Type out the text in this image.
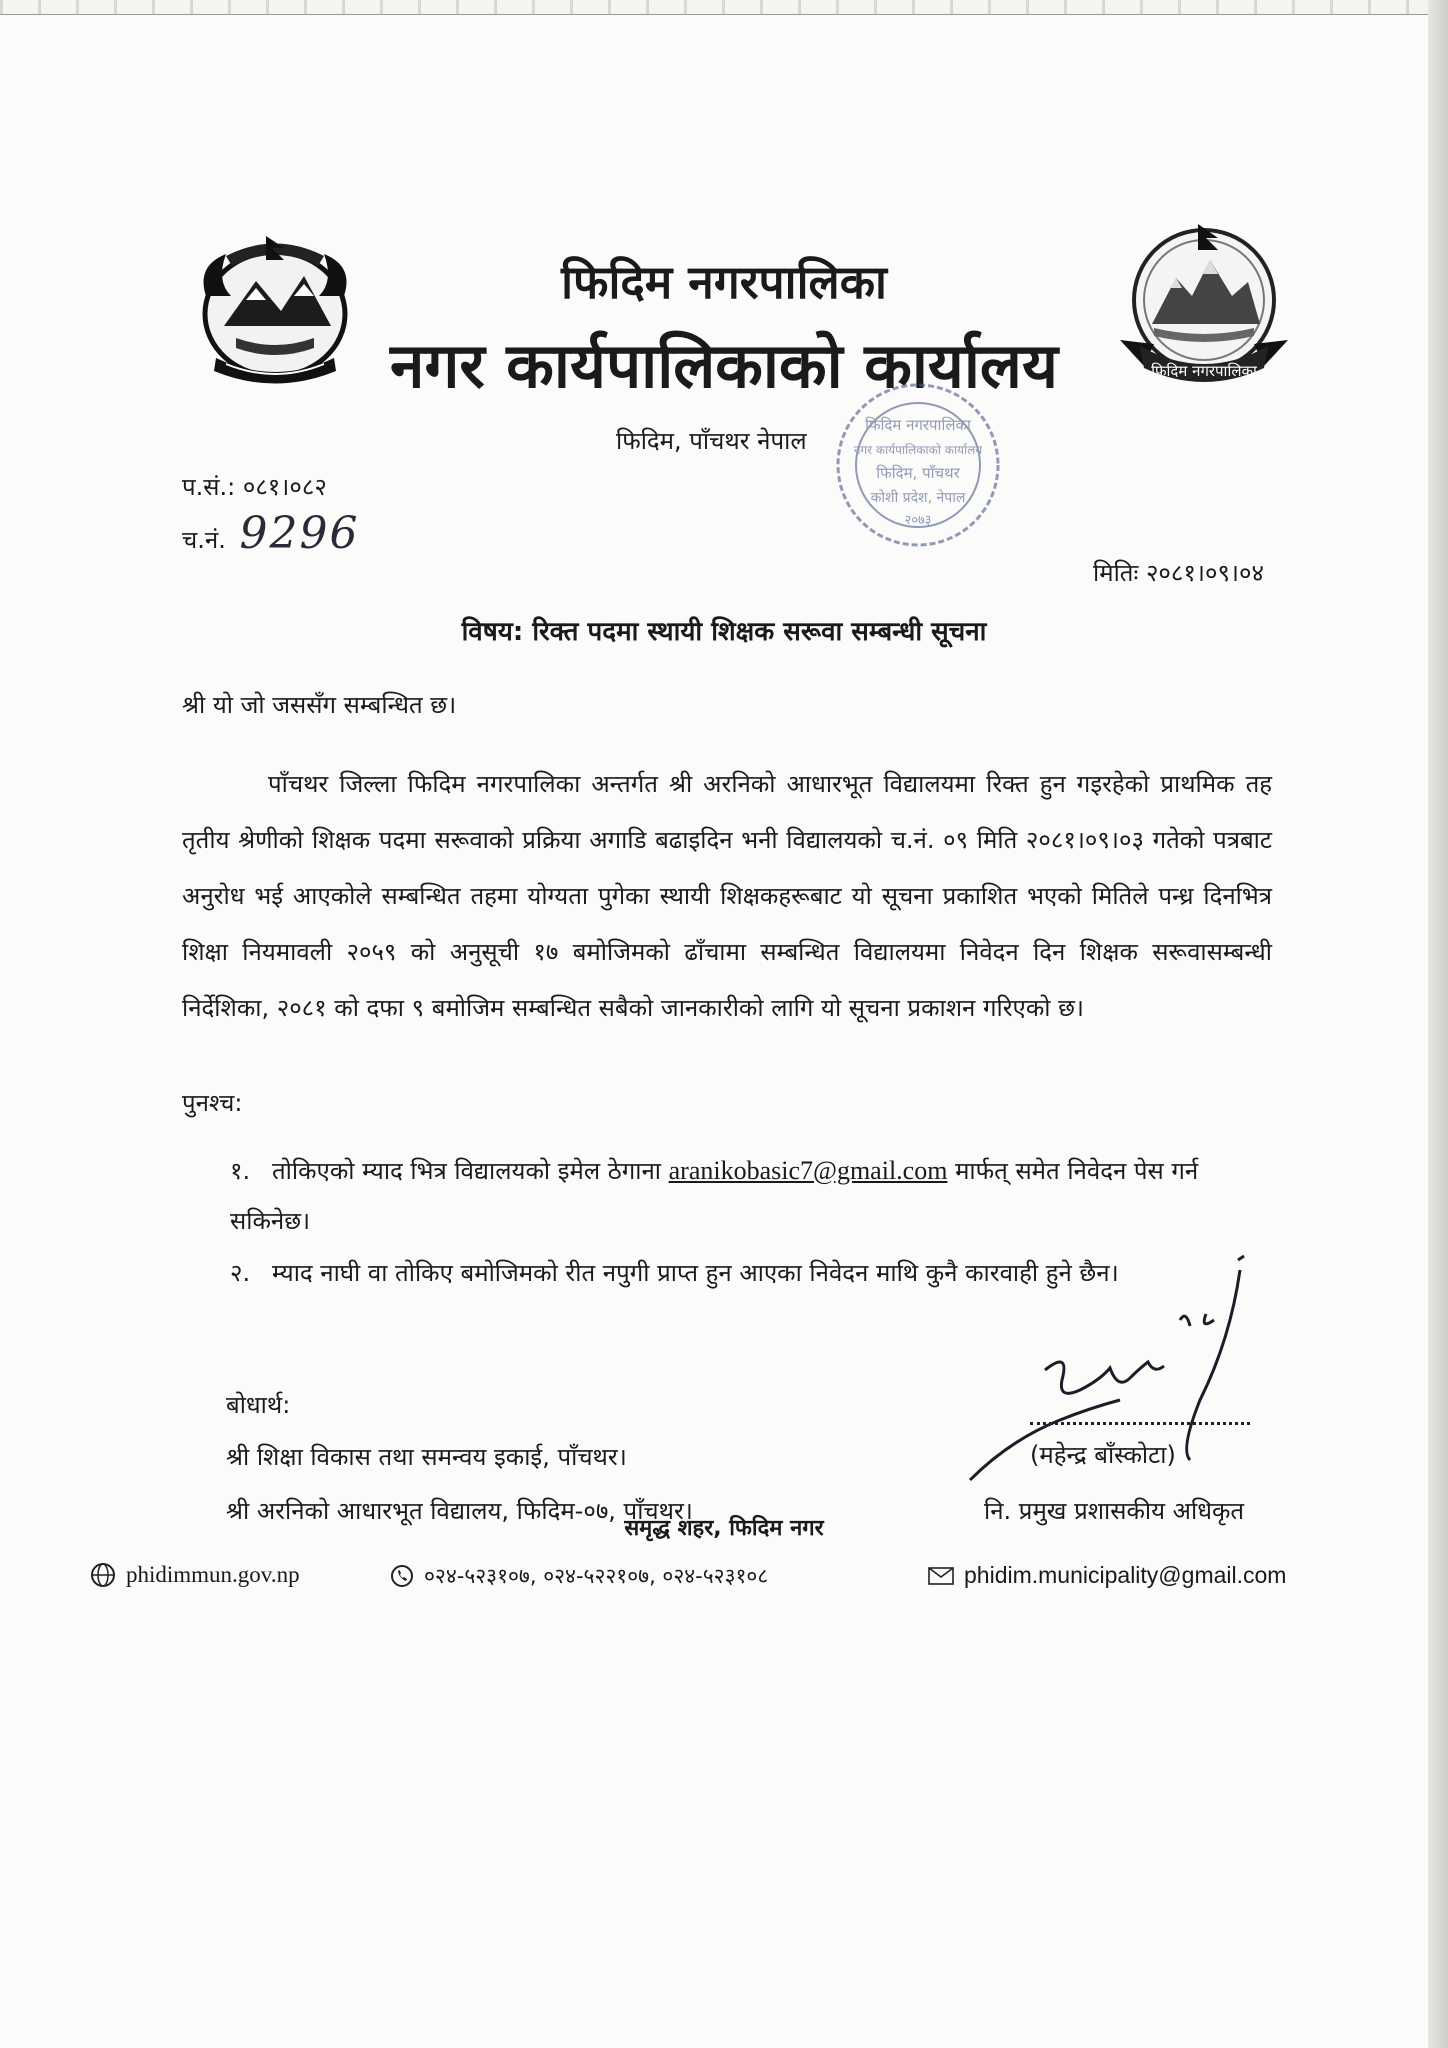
फिदिम नगरपालिका
फिदिम नगरपालिका
नगर कार्यपालिकाको कार्यालय
फिदिम, पाँचथर नेपाल
फिदिम नगरपालिका
नगर कार्यपालिकाको कार्यालय
फिदिम, पाँचथर
कोशी प्रदेश, नेपाल
२०७३
प.सं.: ०८१।०८२
च.नं. 9296
मितिः २०८१।०९।०४
विषय: रिक्त पदमा स्थायी शिक्षक सरूवा सम्बन्धी सूचना
श्री यो जो जससँग सम्बन्धित छ।
पाँचथर जिल्ला फिदिम नगरपालिका अन्तर्गत श्री अरनिको आधारभूत विद्यालयमा रिक्त हुन गइरहेको प्राथमिक तह तृतीय श्रेणीको शिक्षक पदमा सरूवाको प्रक्रिया अगाडि बढाइदिन भनी विद्यालयको च.नं. ०९ मिति २०८१।०९।०३ गतेको पत्रबाट अनुरोध भई आएकोले सम्बन्धित तहमा योग्यता पुगेका स्थायी शिक्षकहरूबाट यो सूचना प्रकाशित भएको मितिले पन्ध्र दिनभित्र शिक्षा नियमावली २०५९ को अनुसूची १७ बमोजिमको ढाँचामा सम्बन्धित विद्यालयमा निवेदन दिन शिक्षक सरूवासम्बन्धी निर्देशिका, २०८१ को दफा ९ बमोजिम सम्बन्धित सबैको जानकारीको लागि यो सूचना प्रकाशन गरिएको छ।
पुनश्च:
१. तोकिएको म्याद भित्र विद्यालयको इमेल ठेगाना aranikobasic7@gmail.com मार्फत् समेत निवेदन पेस गर्न सकिनेछ।
२. म्याद नाघी वा तोकिए बमोजिमको रीत नपुगी प्राप्त हुन आएका निवेदन माथि कुनै कारवाही हुने छैन।
बोधार्थ:
श्री शिक्षा विकास तथा समन्वय इकाई, पाँचथर।
श्री अरनिको आधारभूत विद्यालय, फिदिम-०७, पाँचथर।
(महेन्द्र बाँस्कोटा)
नि. प्रमुख प्रशासकीय अधिकृत
समृद्ध शहर, फिदिम नगर
phidimmun.gov.np	०२४-५२३१०७, ०२४-५२२१०७, ०२४-५२३१०८	phidim.municipality@gmail.com
